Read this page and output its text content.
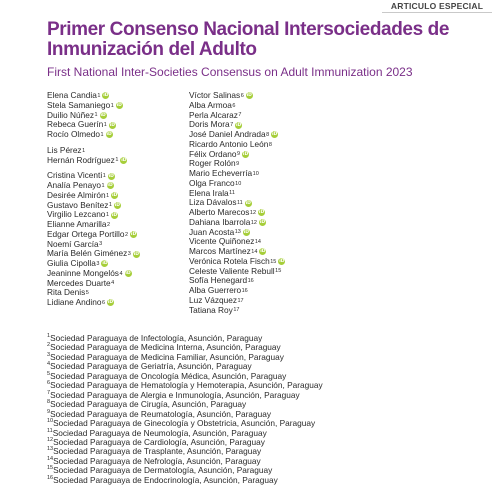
ARTICULO ESPECIAL
Primer Consenso Nacional Intersociedades de
Inmunización del Adulto
First National Inter-Societies Consensus on Adult Immunization 2023
Elena Candia 1 iD
Stela Samaniego 1 iD
Duilio Núñez 1 iD
Rebeca Guerín 1 iD
Rocío Olmedo 1 iD
Lis Pérez 1
Hernán Rodríguez 1 iD
Cristina Vicenti 1 iD
Analía Penayo 1 iD
Desirée Almirón 1 iD
Gustavo Benítez 1 iD
Virgilio Lezcano 1 iD
Elianne Amarilla 2
Edgar Ortega Portillo 2 iD
Noemí García 3
María Belén Giménez 3 iD
Giulia Cipolla 3 iD
Jeaninne Mongelós 4 iD
Mercedes Duarte 4
Rita Denis 5
Lidiane Andino 6 iD
Víctor Salinas 6 iD
Alba Armoa 6
Perla Alcaraz 7
Doris Mora 7 iD
José Daniel Andrada 8 iD
Ricardo Antonio León 8
Félix Ordano 9 iD
Roger Rolón 9
Mario Echeverría 10
Olga Franco 10
Elena Irala 11
Liza Dávalos 11 iD
Alberto Marecos 12 iD
Dahiana Ibarrola 12 iD
Juan Acosta 13 iD
Vicente Quiñonez 14
Marcos Martínez 14 iD
Verónica Rotela Fisch 15 iD
Celeste Valiente Rebull 15
Sofía Henegard 16
Alba Guerrero 16
Luz Vázquez 17
Tatiana Roy 17
$^1$Sociedad Paraguaya de Infectología, Asunción, Paraguay
$^2$Sociedad Paraguaya de Medicina Interna, Asunción, Paraguay
$^3$Sociedad Paraguaya de Medicina Familiar, Asunción, Paraguay
$^4$Sociedad Paraguaya de Geriatría, Asunción, Paraguay
$^5$Sociedad Paraguaya de Oncología Médica, Asunción, Paraguay
$^6$Sociedad Paraguaya de Hematología y Hemoterapia, Asunción, Paraguay
$^7$Sociedad Paraguaya de Alergia e Inmunología, Asunción, Paraguay
$^8$Sociedad Paraguaya de Cirugía, Asunción, Paraguay
$^9$Sociedad Paraguaya de Reumatología, Asunción, Paraguay
$^{10}$Sociedad Paraguaya de Ginecología y Obstetricia, Asunción, Paraguay
$^{11}$Sociedad Paraguaya de Neumología, Asunción, Paraguay
$^{12}$Sociedad Paraguaya de Cardiología, Asunción, Paraguay
$^{13}$Sociedad Paraguaya de Trasplante, Asunción, Paraguay
$^{14}$Sociedad Paraguaya de Nefrología, Asunción, Paraguay
$^{15}$Sociedad Paraguaya de Dermatología, Asunción, Paraguay
$^{16}$Sociedad Paraguaya de Endocrinología, Asunción, Paraguay
